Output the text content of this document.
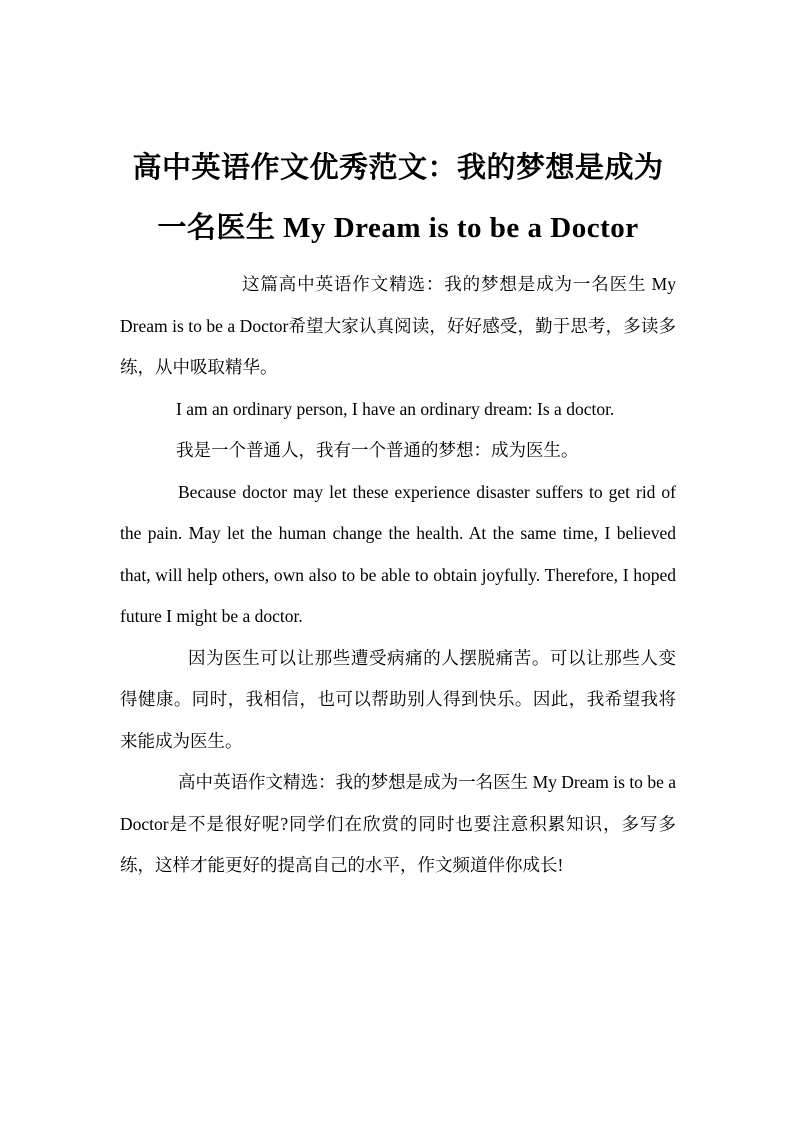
高中英语作文优秀范文：我的梦想是成为
一名医生 My Dream is to be a Doctor

这篇高中英语作文精选：我的梦想是成为一名医生 My Dream is to be a Doctor希望大家认真阅读，好好感受，勤于思考，多读多练，从中吸取精华。

I am an ordinary person, I have an ordinary dream: Is a doctor.

我是一个普通人，我有一个普通的梦想：成为医生。

Because doctor may let these experience disaster suffers to get rid of the pain. May let the human change the health. At the same time, I believed that, will help others, own also to be able to obtain joyfully. Therefore, I hoped future I might be a doctor.

因为医生可以让那些遭受病痛的人摆脱痛苦。可以让那些人变得健康。同时，我相信，也可以帮助别人得到快乐。因此，我希望我将来能成为医生。

高中英语作文精选：我的梦想是成为一名医生 My Dream is to be a Doctor是不是很好呢?同学们在欣赏的同时也要注意积累知识，多写多练，这样才能更好的提高自己的水平，作文频道伴你成长!
